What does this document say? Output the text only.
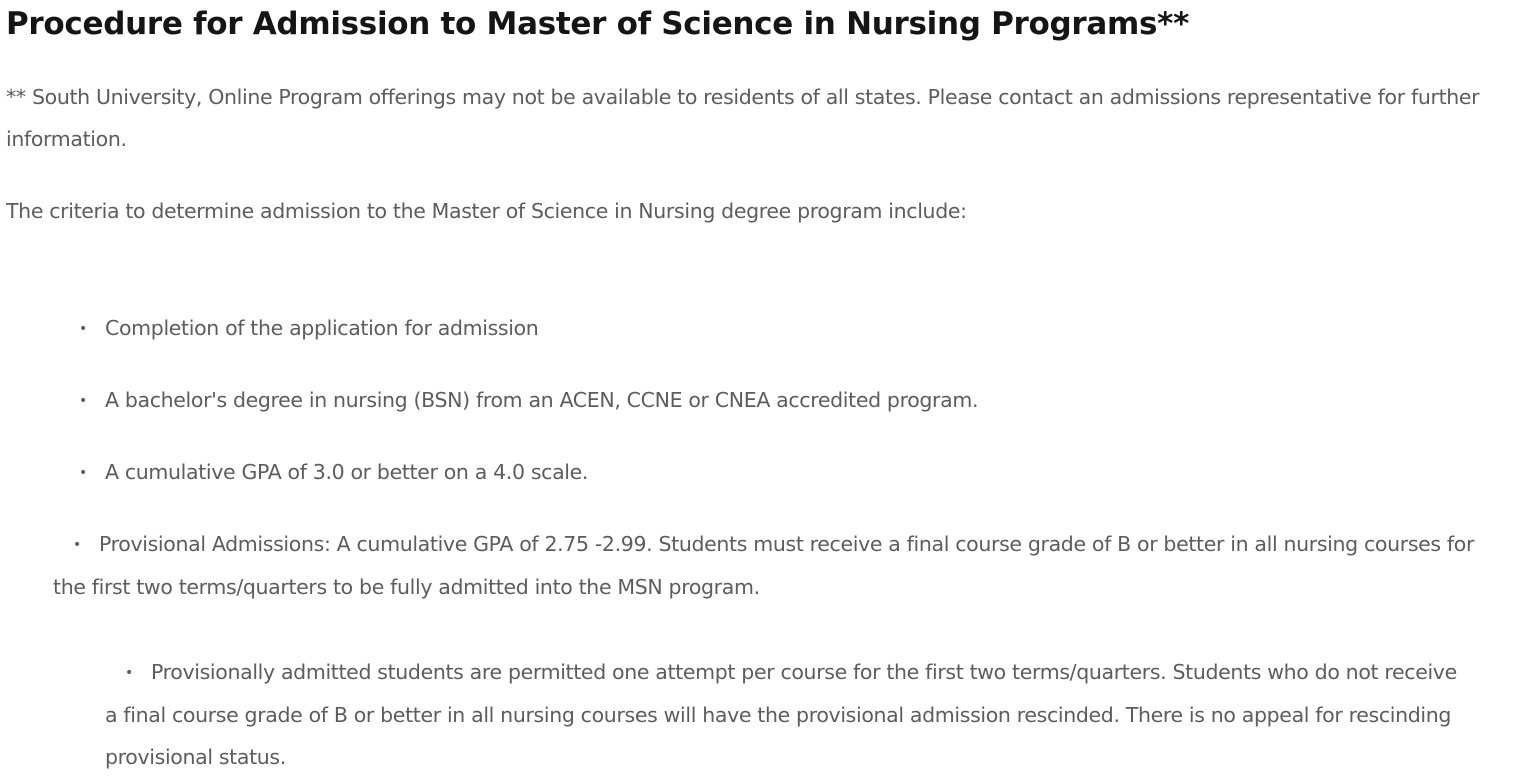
Procedure for Admission to Master of Science in Nursing Programs**

** South University, Online Program offerings may not be available to residents of all states. Please contact an admissions representative for further information.

The criteria to determine admission to the Master of Science in Nursing degree program include:

• Completion of the application for admission

• A bachelor's degree in nursing (BSN) from an ACEN, CCNE or CNEA accredited program.

• A cumulative GPA of 3.0 or better on a 4.0 scale.

• Provisional Admissions: A cumulative GPA of 2.75 -2.99. Students must receive a final course grade of B or better in all nursing courses for the first two terms/quarters to be fully admitted into the MSN program.

• Provisionally admitted students are permitted one attempt per course for the first two terms/quarters. Students who do not receive a final course grade of B or better in all nursing courses will have the provisional admission rescinded. There is no appeal for rescinding provisional status.
